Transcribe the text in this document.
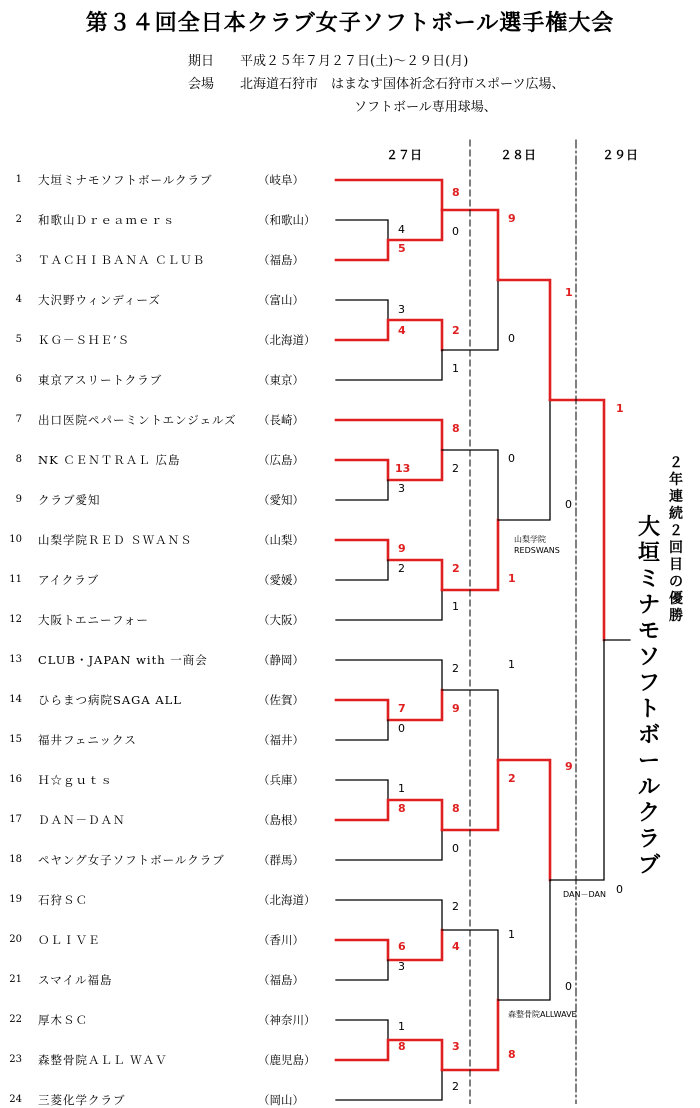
第３４回全日本クラブ女子ソフトボール選手権大会
期日 平成２５年７月２７日(土)～２９日(月)
会場 北海道石狩市　はまなす国体祈念石狩市スポーツ広場、
ソフトボール専用球場、
２７日	２８日	２９日
1 大垣ミナモソフトボールクラブ	（岐阜）
2 和歌山Ｄｒｅａｍｅｒｓ	（和歌山）
3 ＴＡＣＨＩＢＡＮＡ ＣＬＵＢ	（福島）
4 大沢野ウィンディーズ	（富山）
5 ＫＧ－ＳＨＥ’Ｓ	（北海道）
6 東京アスリートクラブ	（東京）
7 出口医院ペパーミントエンジェルズ （長崎）
8 NK ＣＥＮＴＲＡＬ 広島	（広島）
9 クラブ愛知	（愛知）
10 山梨学院ＲＥＤ ＳＷＡＮＳ	（山梨）
11 アイクラブ	（愛媛）
12 大阪トエニーフォー	（大阪）
13 CLUB・JAPAN with 一商会	（静岡）
14 ひらまつ病院SAGA ALL	（佐賀）
15 福井フェニックス	（福井）
16 Ｈ☆ｇｕｔｓ	（兵庫）
17 ＤＡＮ－ＤＡＮ	（島根）
18 ペヤング女子ソフトボールクラブ	（群馬）
19 石狩ＳＣ	（北海道）
20 ＯＬＩＶＥ	（香川）
21 スマイル福島	（福島）
22 厚木ＳＣ	（神奈川）
23 森整骨院ＡＬＬ ＷＡＶ	（鹿児島）
24 三菱化学クラブ	（岡山）
5
4
4
3
13
3
9
2
7
0
8
1
6
3
8
1
8
0
2
1
8
2
2
1
9
2
8
0
4
2
3
2
9
0
1
0
2
1
8
1
1
0
9
0
1
0
山梨学院
REDSWANS
DAN－DAN
森整骨院ALLWAVE
２年連続２回目の優勝
大垣ミナモソフトボールクラブ
